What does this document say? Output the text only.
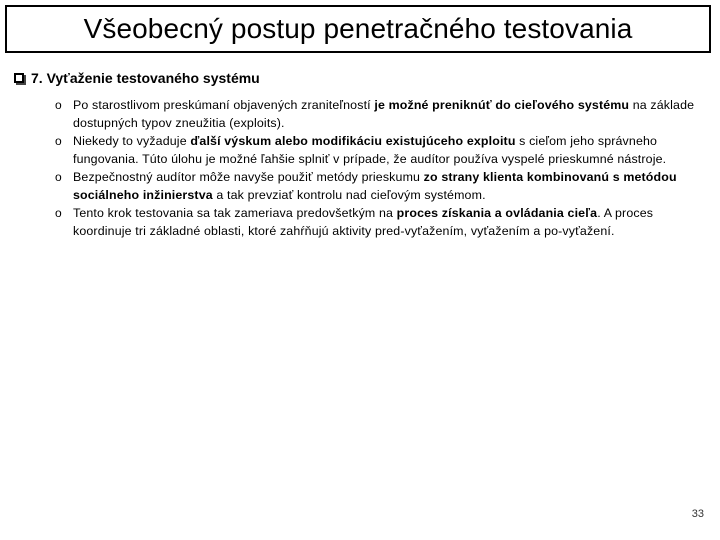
Všeobecný postup penetračného testovania
7. Vyťaženie testovaného systému
o Po starostlivom preskúmaní objavených zraniteľností je možné preniknúť do cieľového systému na základe dostupných typov zneužitia (exploits).
o Niekedy to vyžaduje ďalší výskum alebo modifikáciu existujúceho exploitu s cieľom jeho správneho fungovania. Túto úlohu je možné ľahšie splniť v prípade, že audítor používa vyspelé prieskumné nástroje.
o Bezpečnostný audítor môže navyše použiť metódy prieskumu zo strany klienta kombinovanú s metódou sociálneho inžinierstva a tak prevziať kontrolu nad cieľovým systémom.
o Tento krok testovania sa tak zameriava predovšetkým na proces získania a ovládania cieľa. A proces koordinuje tri základné oblasti, ktoré zahŕňujú aktivity pred-vyťažením, vyťažením a po-vyťažení.
33
